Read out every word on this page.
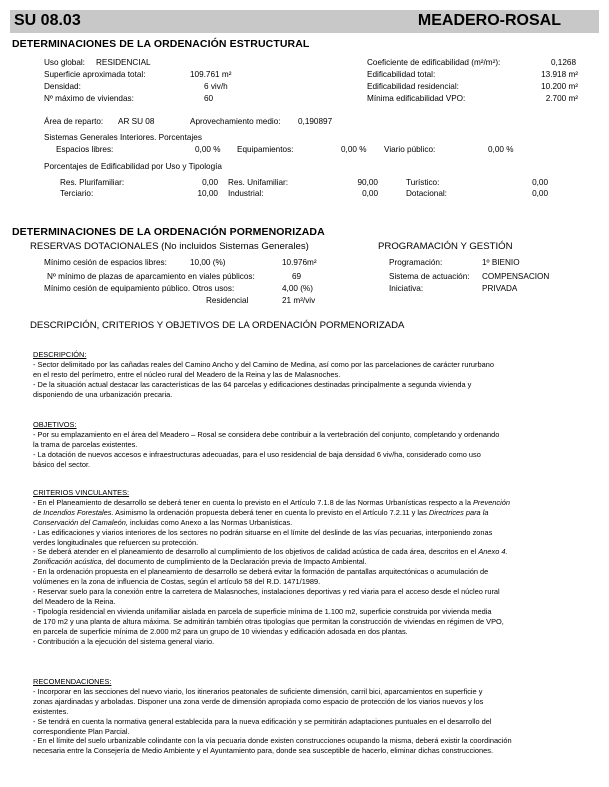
SU 08.03	MEADERO-ROSAL
DETERMINACIONES DE LA ORDENACIÓN ESTRUCTURAL
Uso global: RESIDENCIAL
Superficie aproximada total:	109.761 m²
Densidad:	6 viv/h
Nº máximo de viviendas:	60
Coeficiente de edificabilidad (m²/m²):	0,1268
Edificabilidad total:	13.918 m²
Edificabilidad residencial:	10.200 m²
Mínima edificabilidad VPO:	2.700 m²
Área de reparto: AR SU 08	Aprovechamiento medio: 0,190897
Sistemas Generales Interiores. Porcentajes
Espacios libres:	0,00 % Equipamientos:	0,00 % Viario público:	0,00 %
Porcentajes de Edificabilidad por Uso y Tipología
Res. Plurifamiliar:	0,00 Res. Unifamiliar:	90,00	Turístico:	0,00
Terciario:	10,00 Industrial:	0,00	Dotacional:	0,00
DETERMINACIONES DE LA ORDENACIÓN PORMENORIZADA
RESERVAS DOTACIONALES (No incluidos Sistemas Generales)
Mínimo cesión de espacios libres:	10,00 (%)	10.976m²
Nº mínimo de plazas de aparcamiento en viales públicos:	69
Mínimo cesión de equipamiento público. Otros usos:	4,00 (%)
Residencial	21 m²/viv
PROGRAMACIÓN Y GESTIÓN
Programación:	1º BIENIO
Sistema de actuación: COMPENSACION
Iniciativa:	PRIVADA
DESCRIPCIÓN, CRITERIOS Y OBJETIVOS DE LA ORDENACIÓN PORMENORIZADA

DESCRIPCIÓN:

- Sector delimitado por las cañadas reales del Camino Ancho y del Camino de Medina, así como por las parcelaciones de carácter rururbano

en el resto del perímetro, entre el núcleo rural del Meadero de la Reina y las de Malasnoches.

- De la situación actual destacar las características de las 64 parcelas y edificaciones destinadas principalmente a segunda vivienda y

disponiendo de una urbanización precaria.

OBJETIVOS:

- Por su emplazamiento en el área del Meadero – Rosal se considera debe contribuir a la vertebración del conjunto, completando y ordenando

la trama de parcelas existentes.

- La dotación de nuevos accesos e infraestructuras adecuadas, para el uso residencial de baja densidad 6 viv/ha, considerado como uso

básico del sector.

CRITERIOS VINCULANTES:

- En el Planeamiento de desarrollo se deberá tener en cuenta lo previsto en el Artículo 7.1.8 de las Normas Urbanísticas respecto a la Prevención

de Incendios Forestales. Asimismo la ordenación propuesta deberá tener en cuenta lo previsto en el Artículo 7.2.11 y las Directrices para la

Conservación del Camaleón, incluidas como Anexo a las Normas Urbanísticas.

- Las edificaciones y viarios interiores de los sectores no podrán situarse en el límite del deslinde de las vías pecuarias, interponiendo zonas

verdes longitudinales que refuercen su protección.

- Se deberá atender en el planeamiento de desarrollo al cumplimiento de los objetivos de calidad acústica de cada área, descritos en el Anexo 4.

Zonificación acústica, del documento de cumplimiento de la Declaración previa de Impacto Ambiental.

- En la ordenación propuesta en el planeamiento de desarrollo se deberá evitar la formación de pantallas arquitectónicas o acumulación de

volúmenes en la zona de influencia de Costas, según el artículo 58 del R.D. 1471/1989.

- Reservar suelo para la conexión entre la carretera de Malasnoches, instalaciones deportivas y red viaria para el acceso desde el núcleo rural

del Meadero de la Reina.

- Tipología residencial en vivienda unifamiliar aislada en parcela de superficie mínima de 1.100 m2, superficie construida por vivienda media

de 170 m2 y una planta de altura máxima. Se admitirán también otras tipologías que permitan la construcción de viviendas en régimen de VPO,

en parcela de superficie mínima de 2.000 m2 para un grupo de 10 viviendas y edificación adosada en dos plantas.

- Contribución a la ejecución del sistema general viario.

RECOMENDACIONES:

- Incorporar en las secciones del nuevo viario, los itinerarios peatonales de suficiente dimensión, carril bici, aparcamientos en superficie y

zonas ajardinadas y arboladas. Disponer una zona verde de dimensión apropiada como espacio de protección de los viarios nuevos y los

existentes.

- Se tendrá en cuenta la normativa general establecida para la nueva edificación y se permitirán adaptaciones puntuales en el desarrollo del

correspondiente Plan Parcial.

- En el límite del suelo urbanizable colindante con la vía pecuaria donde existen construcciones ocupando la misma, deberá existir la coordinación

necesaria entre la Consejería de Medio Ambiente y el Ayuntamiento para, donde sea susceptible de hacerlo, eliminar dichas construcciones.
